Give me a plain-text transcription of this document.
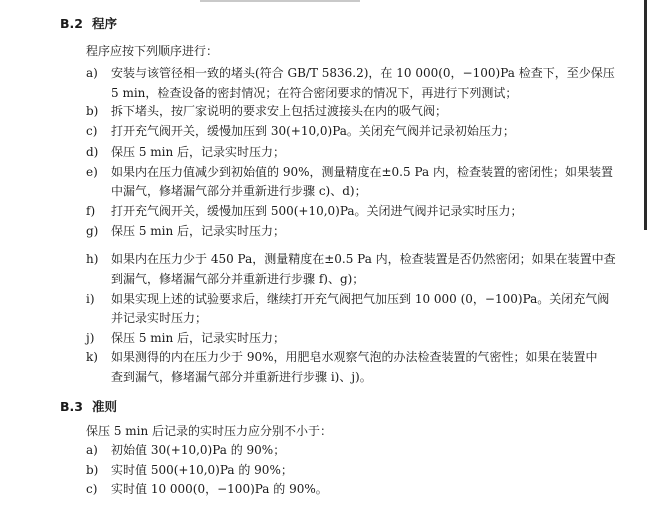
B.2 程序
程序应按下列顺序进行：
a) 安装与该管径相一致的堵头(符合 GB/T 5836.2)，在 10 000(0，−100)Pa 检查下，至少保压
5 min，检查设备的密封情况；在符合密闭要求的情况下，再进行下列测试；
b) 拆下堵头，按厂家说明的要求安上包括过渡接头在内的吸气阀；
c) 打开充气阀开关，缓慢加压到 30(+10,0)Pa。关闭充气阀并记录初始压力；
d) 保压 5 min 后，记录实时压力；
e) 如果内在压力值减少到初始值的 90%，测量精度在±0.5 Pa 内，检查装置的密闭性；如果装置
中漏气，修堵漏气部分并重新进行步骤 c)、d)；
f) 打开充气阀开关，缓慢加压到 500(+10,0)Pa。关闭进气阀并记录实时压力；
g) 保压 5 min 后，记录实时压力；
h) 如果内在压力少于 450 Pa，测量精度在±0.5 Pa 内，检查装置是否仍然密闭；如果在装置中查
到漏气，修堵漏气部分并重新进行步骤 f)、g)；
i) 如果实现上述的试验要求后，继续打开充气阀把气加压到 10 000 (0，−100)Pa。关闭充气阀
并记录实时压力；
j) 保压 5 min 后，记录实时压力；
k) 如果测得的内在压力少于 90%，用肥皂水观察气泡的办法检查装置的气密性；如果在装置中
查到漏气，修堵漏气部分并重新进行步骤 i)、j)。
B.3 准则
保压 5 min 后记录的实时压力应分别不小于：
a) 初始值 30(+10,0)Pa 的 90%；
b) 实时值 500(+10,0)Pa 的 90%；
c) 实时值 10 000(0，−100)Pa 的 90%。
